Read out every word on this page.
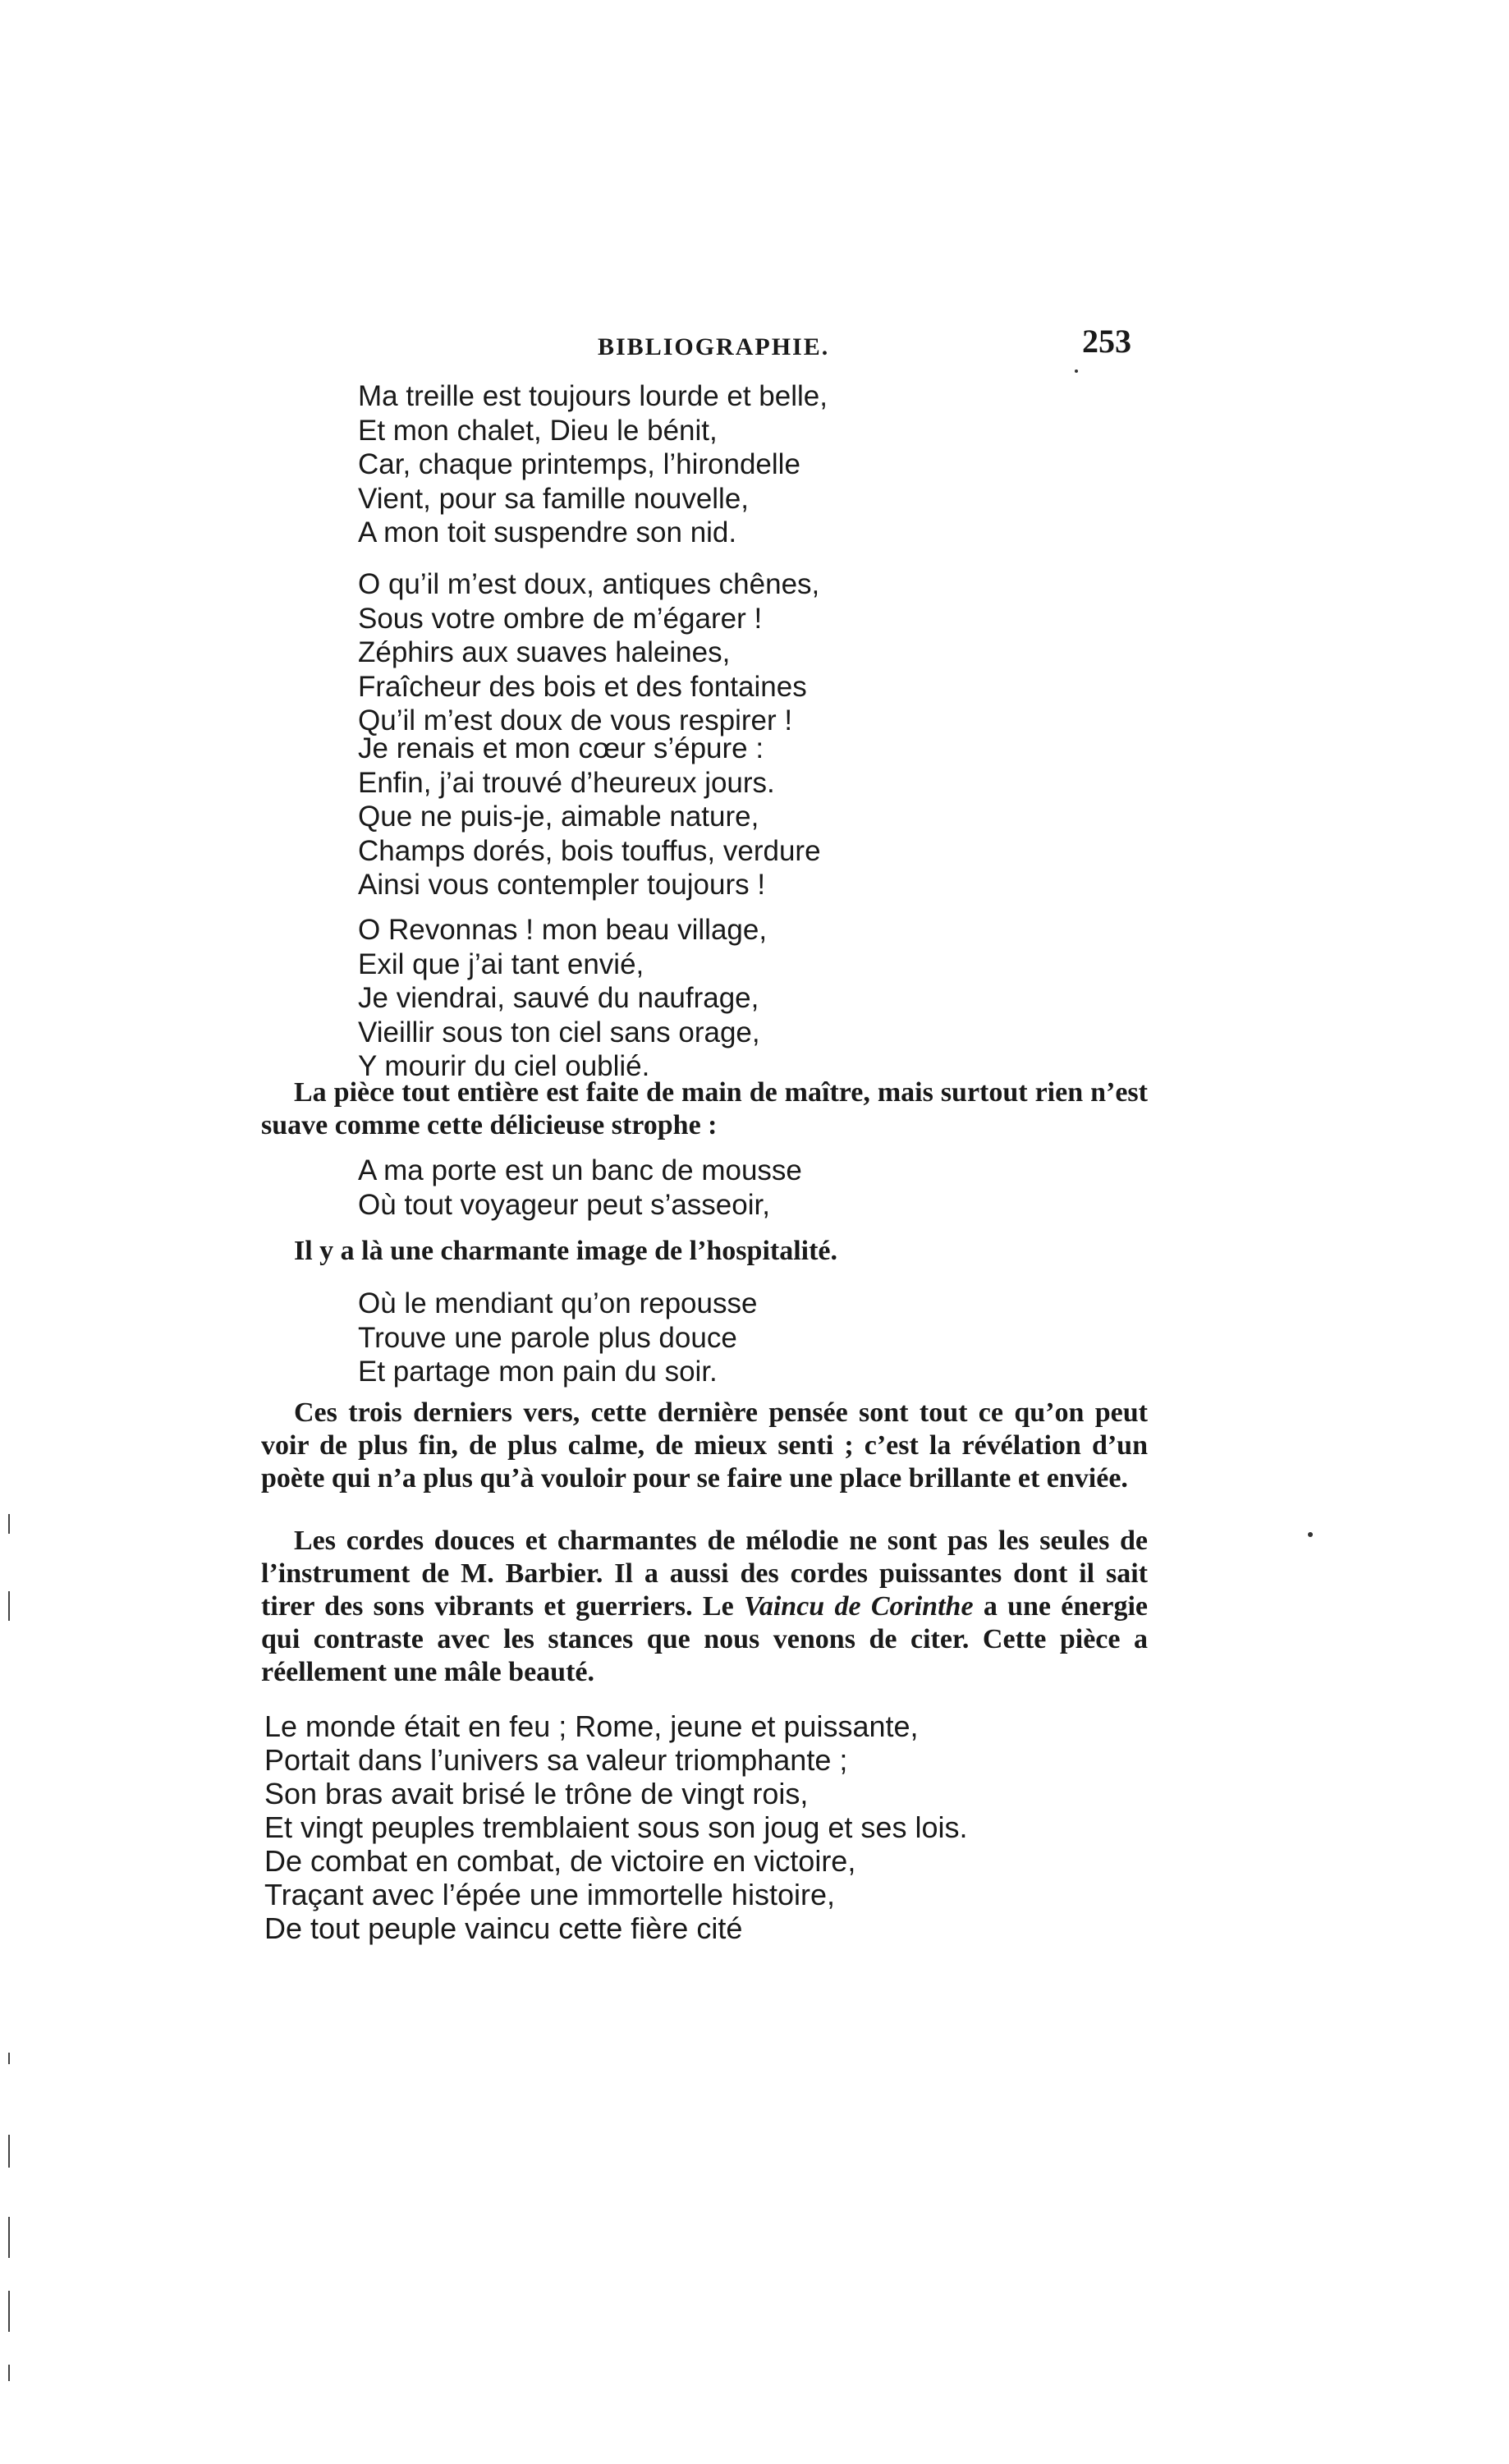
BIBLIOGRAPHIE.	253
Ma treille est toujours lourde et belle,
Et mon chalet, Dieu le bénit,
Car, chaque printemps, l’hirondelle
Vient, pour sa famille nouvelle,
A mon toit suspendre son nid.
O qu’il m’est doux, antiques chênes,
Sous votre ombre de m’égarer !
Zéphirs aux suaves haleines,
Fraîcheur des bois et des fontaines
Qu’il m’est doux de vous respirer !
Je renais et mon cœur s’épure :
Enfin, j’ai trouvé d’heureux jours.
Que ne puis-je, aimable nature,
Champs dorés, bois touffus, verdure
Ainsi vous contempler toujours !
O Revonnas ! mon beau village,
Exil que j’ai tant envié,
Je viendrai, sauvé du naufrage,
Vieillir sous ton ciel sans orage,
Y mourir du ciel oublié.

La pièce tout entière est faite de main de maître, mais surtout rien n’est suave comme cette délicieuse strophe :

A ma porte est un banc de mousse
Où tout voyageur peut s’asseoir,
Il y a là une charmante image de l’hospitalité.
Où le mendiant qu’on repousse
Trouve une parole plus douce
Et partage mon pain du soir.

Ces trois derniers vers, cette dernière pensée sont tout ce qu’on peut voir de plus fin, de plus calme, de mieux senti ; c’est la révélation d’un poète qui n’a plus qu’à vouloir pour se faire une place brillante et enviée.

Les cordes douces et charmantes de mélodie ne sont pas les seules de l’instrument de M. Barbier. Il a aussi des cordes puissantes dont il sait tirer des sons vibrants et guerriers. Le Vaincu de Corinthe a une énergie qui contraste avec les stances que nous venons de citer. Cette pièce a réellement une mâle beauté.

Le monde était en feu ; Rome, jeune et puissante,
Portait dans l’univers sa valeur triomphante ;
Son bras avait brisé le trône de vingt rois,
Et vingt peuples tremblaient sous son joug et ses lois.
De combat en combat, de victoire en victoire,
Traçant avec l’épée une immortelle histoire,
De tout peuple vaincu cette fière cité
